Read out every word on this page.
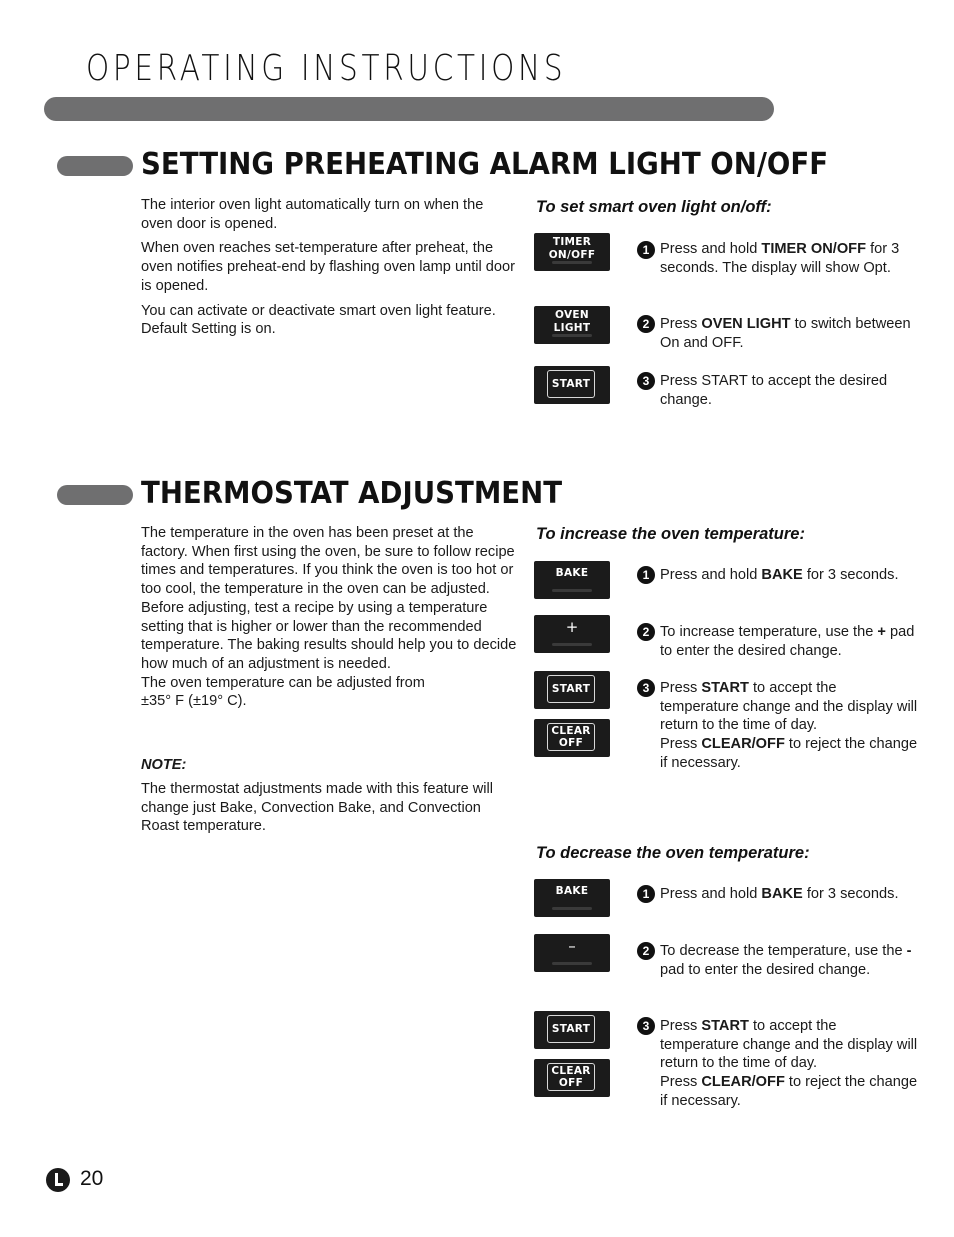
OPERATING INSTRUCTIONS
SETTING PREHEATING ALARM LIGHT ON/OFF

The interior oven light automatically turn on when the oven door is opened.

When oven reaches set-temperature after preheat, the oven notifies preheat-end by flashing oven lamp until door is opened.

You can activate or deactivate smart oven light feature. Default Setting is on.

To set smart oven light on/off:
TIMER
ON/OFF
OVEN
LIGHT
START
1 Press and hold TIMER ON/OFF for 3 seconds. The display will show Opt.
2 Press OVEN LIGHT to switch between On and OFF.
3 Press START to accept the desired change.
THERMOSTAT ADJUSTMENT
The temperature in the oven has been preset at the factory. When first using the oven, be sure to follow recipe times and temperatures. If you think the oven is too hot or too cool, the temperature in the oven can be adjusted. Before adjusting, test a recipe by using a temperature setting that is higher or lower than the recommended temperature. The baking results should help you to decide how much of an adjustment is needed.
The oven temperature can be adjusted from
±35° F (±19° C).
NOTE:
The thermostat adjustments made with this feature will change just Bake, Convection Bake, and Convection Roast temperature.
To increase the oven temperature:
BAKE
+
START
CLEAR
OFF
1 Press and hold BAKE for 3 seconds.
2 To increase temperature, use the + pad to enter the desired change.
3 Press START to accept the temperature change and the display will return to the time of day.
Press CLEAR/OFF to reject the change if necessary.
To decrease the oven temperature:
BAKE
–
START
CLEAR
OFF
1 Press and hold BAKE for 3 seconds.
2 To decrease the temperature, use the - pad to enter the desired change.
3 Press START to accept the temperature change and the display will return to the time of day.
Press CLEAR/OFF to reject the change if necessary.
20
